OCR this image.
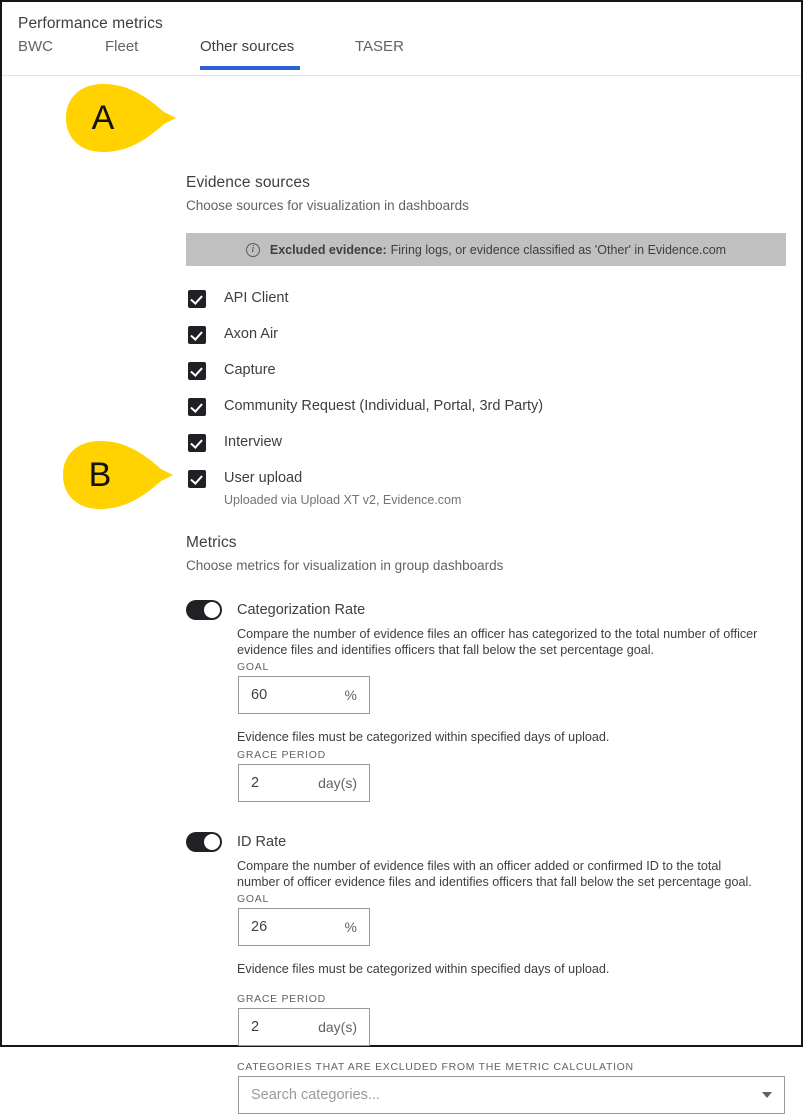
Performance metrics
BWC	Fleet	Other sources	TASER
Evidence sources
Choose sources for visualization in dashboards
i	Excluded evidence: Firing logs, or evidence classified as 'Other' in Evidence.com
API Client
Axon Air
Capture
Community Request (Individual, Portal, 3rd Party)
Interview
User upload
Uploaded via Upload XT v2, Evidence.com
Metrics
Choose metrics for visualization in group dashboards
Categorization Rate
Compare the number of evidence files an officer has categorized to the total number of officer evidence files and identifies officers that fall below the set percentage goal.
GOAL
60	%
Evidence files must be categorized within specified days of upload.
GRACE PERIOD
2	day(s)
ID Rate
Compare the number of evidence files with an officer added or confirmed ID to the total number of officer evidence files and identifies officers that fall below the set percentage goal.
GOAL
26	%
Evidence files must be categorized within specified days of upload.
GRACE PERIOD
2	day(s)
CATEGORIES THAT ARE EXCLUDED FROM THE METRIC CALCULATION
Search categories...
A
B
